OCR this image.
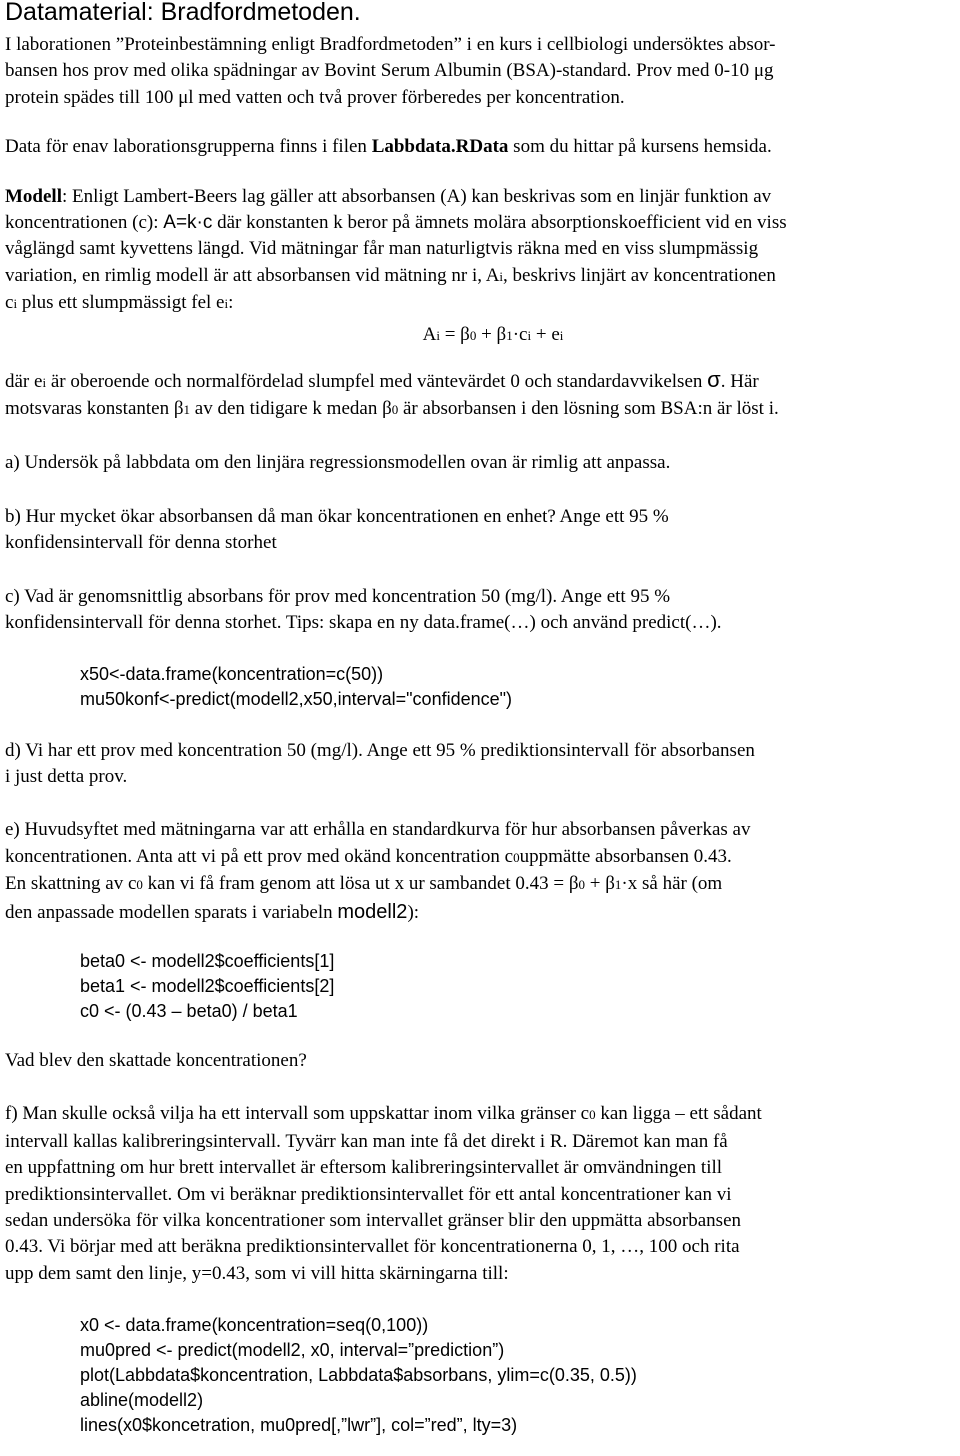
Datamaterial: Bradfordmetoden.

I laborationen ”Proteinbestämning enligt Bradfordmetoden” i en kurs i cellbiologi undersöktes absor-
bansen hos prov med olika spädningar av Bovint Serum Albumin (BSA)-standard. Prov med 0-10 μg
protein spädes till 100 μl med vatten och två prover förberedes per koncentration.

Data för enav laborationsgrupperna finns i filen Labbdata.RData som du hittar på kursens hemsida.

Modell: Enligt Lambert-Beers lag gäller att absorbansen (A) kan beskrivas som en linjär funktion av
koncentrationen (c): A=k·c där konstanten k beror på ämnets molära absorptionskoefficient vid en viss
våglängd samt kyvettens längd. Vid mätningar får man naturligtvis räkna med en viss slumpmässig
variation, en rimlig modell är att absorbansen vid mätning nr i, Ai, beskrivs linjärt av koncentrationen
ci plus ett slumpmässigt fel ei:

Ai = β0 + β1·ci + ei

där ei är oberoende och normalfördelad slumpfel med väntevärdet 0 och standardavvikelsen σ. Här
motsvaras konstanten β1 av den tidigare k medan β0 är absorbansen i den lösning som BSA:n är löst i.

a) Undersök på labbdata om den linjära regressionsmodellen ovan är rimlig att anpassa.

b) Hur mycket ökar absorbansen då man ökar koncentrationen en enhet? Ange ett 95 %
konfidensintervall för denna storhet

c) Vad är genomsnittlig absorbans för prov med koncentration 50 (mg/l). Ange ett 95 %
konfidensintervall för denna storhet. Tips: skapa en ny data.frame(…) och använd predict(…).

x50<-data.frame(koncentration=c(50))
mu50konf<-predict(modell2,x50,interval="confidence")

d) Vi har ett prov med koncentration 50 (mg/l). Ange ett 95 % prediktionsintervall för absorbansen
i just detta prov.

e) Huvudsyftet med mätningarna var att erhålla en standardkurva för hur absorbansen påverkas av
koncentrationen. Anta att vi på ett prov med okänd koncentration c0uppmätte absorbansen 0.43.
En skattning av c0 kan vi få fram genom att lösa ut x ur sambandet 0.43 = β0 + β1·x så här (om
den anpassade modellen sparats i variabeln modell2):

beta0 <- modell2$coefficients[1]
beta1 <- modell2$coefficients[2]
c0 <- (0.43 – beta0) / beta1

Vad blev den skattade koncentrationen?

f) Man skulle också vilja ha ett intervall som uppskattar inom vilka gränser c0 kan ligga – ett sådant
intervall kallas kalibreringsintervall. Tyvärr kan man inte få det direkt i R. Däremot kan man få
en uppfattning om hur brett intervallet är eftersom kalibreringsintervallet är omvändningen till
prediktionsintervallet. Om vi beräknar prediktionsintervallet för ett antal koncentrationer kan vi
sedan undersöka för vilka koncentrationer som intervallet gränser blir den uppmätta absorbansen
0.43. Vi börjar med att beräkna prediktionsintervallet för koncentrationerna 0, 1, …, 100 och rita
upp dem samt den linje, y=0.43, som vi vill hitta skärningarna till:

x0 <- data.frame(koncentration=seq(0,100))
mu0pred <- predict(modell2, x0, interval=”prediction”)
plot(Labbdata$koncentration, Labbdata$absorbans, ylim=c(0.35, 0.5))
abline(modell2)
lines(x0$koncetration, mu0pred[,”lwr”], col=”red”, lty=3)
